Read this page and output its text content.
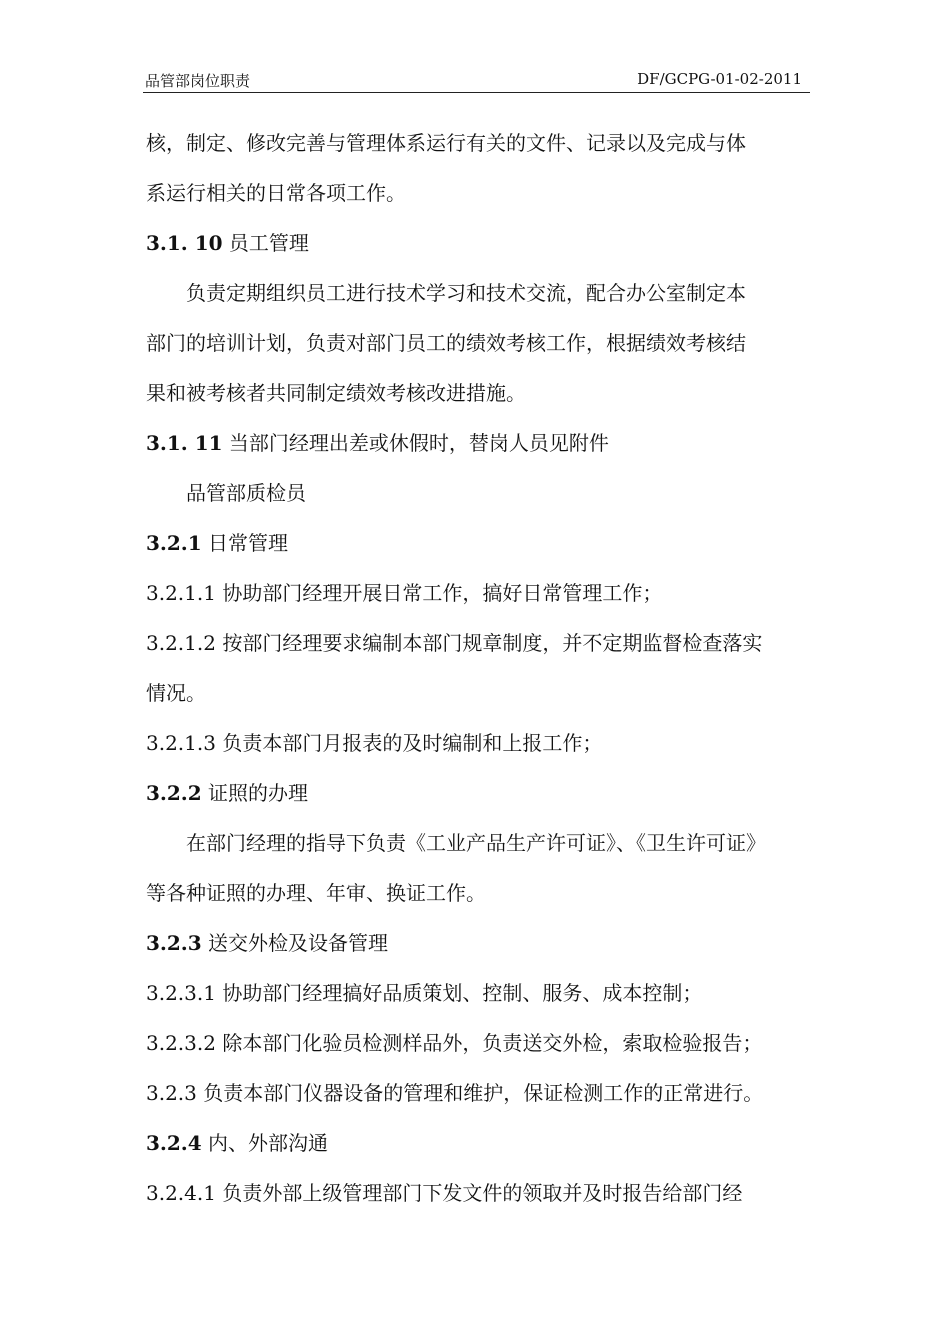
品管部岗位职责	DF/GCPG-01-02-2011
核，制定、修改完善与管理体系运行有关的文件、记录以及完成与体
系运行相关的日常各项工作。
3.1. 10 员工管理
负责定期组织员工进行技术学习和技术交流，配合办公室制定本
部门的培训计划，负责对部门员工的绩效考核工作，根据绩效考核结
果和被考核者共同制定绩效考核改进措施。
3.1. 11 当部门经理出差或休假时，替岗人员见附件
品管部质检员
3.2.1 日常管理
3.2.1.1 协助部门经理开展日常工作，搞好日常管理工作；
3.2.1.2 按部门经理要求编制本部门规章制度，并不定期监督检查落实
情况。
3.2.1.3 负责本部门月报表的及时编制和上报工作；
3.2.2 证照的办理
在部门经理的指导下负责《工业产品生产许可证》、《卫生许可证》
等各种证照的办理、年审、换证工作。
3.2.3 送交外检及设备管理
3.2.3.1 协助部门经理搞好品质策划、控制、服务、成本控制；
3.2.3.2 除本部门化验员检测样品外，负责送交外检，索取检验报告；
3.2.3 负责本部门仪器设备的管理和维护，保证检测工作的正常进行。
3.2.4 内、外部沟通
3.2.4.1 负责外部上级管理部门下发文件的领取并及时报告给部门经
